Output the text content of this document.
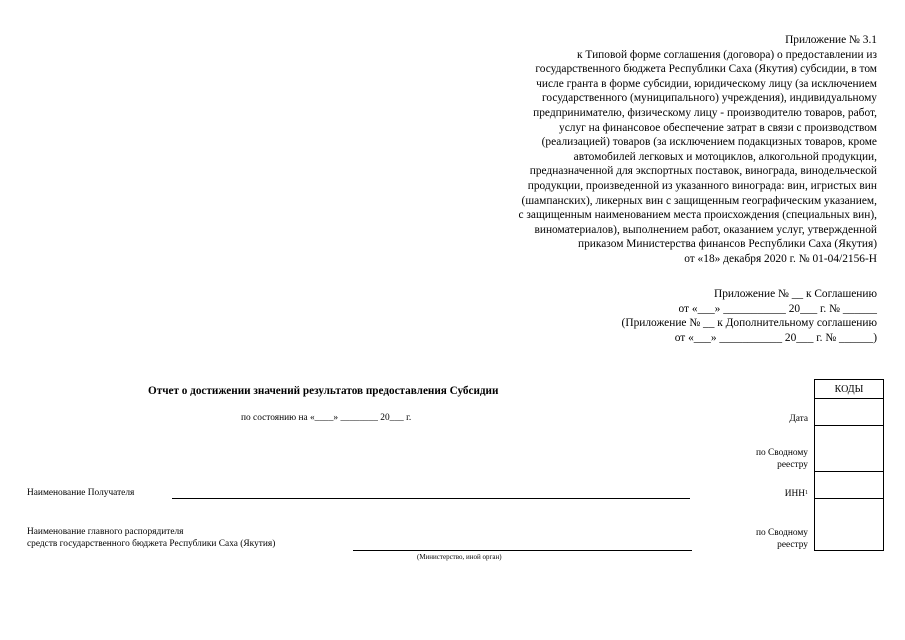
Приложение № 3.1
к Типовой форме соглашения (договора) о предоставлении из
государственного бюджета Республики Саха (Якутия) субсидии, в том
числе гранта в форме субсидии, юридическому лицу (за исключением
государственного (муниципального) учреждения), индивидуальному
предпринимателю, физическому лицу - производителю товаров, работ,
услуг на финансовое обеспечение затрат в связи с производством
(реализацией) товаров (за исключением подакцизных товаров, кроме
автомобилей легковых и мотоциклов, алкогольной продукции,
предназначенной для экспортных поставок, винограда, винодельческой
продукции, произведенной из указанного винограда: вин, игристых вин
(шампанских), ликерных вин с защищенным географическим указанием,
с защищенным наименованием места происхождения (специальных вин),
виноматериалов), выполнением работ, оказанием услуг, утвержденной
приказом Министерства финансов Республики Саха (Якутия)
от «18» декабря 2020 г. № 01-04/2156-Н
Приложение № __ к Соглашению
от «___» ___________ 20___ г. № ______
(Приложение № __ к Дополнительному соглашению
от «___» ___________ 20___ г. № ______)
Отчет о достижении значений результатов предоставления Субсидии
по состоянию на «____» ________ 20___ г.
Наименование Получателя
Наименование главного распорядителя
средств государственного бюджета Республики Саха (Якутия)
(Министерство, иной орган)
Дата
по Сводному
реестру
ИНН$^1$
по Сводному
реестру
КОДЫ
